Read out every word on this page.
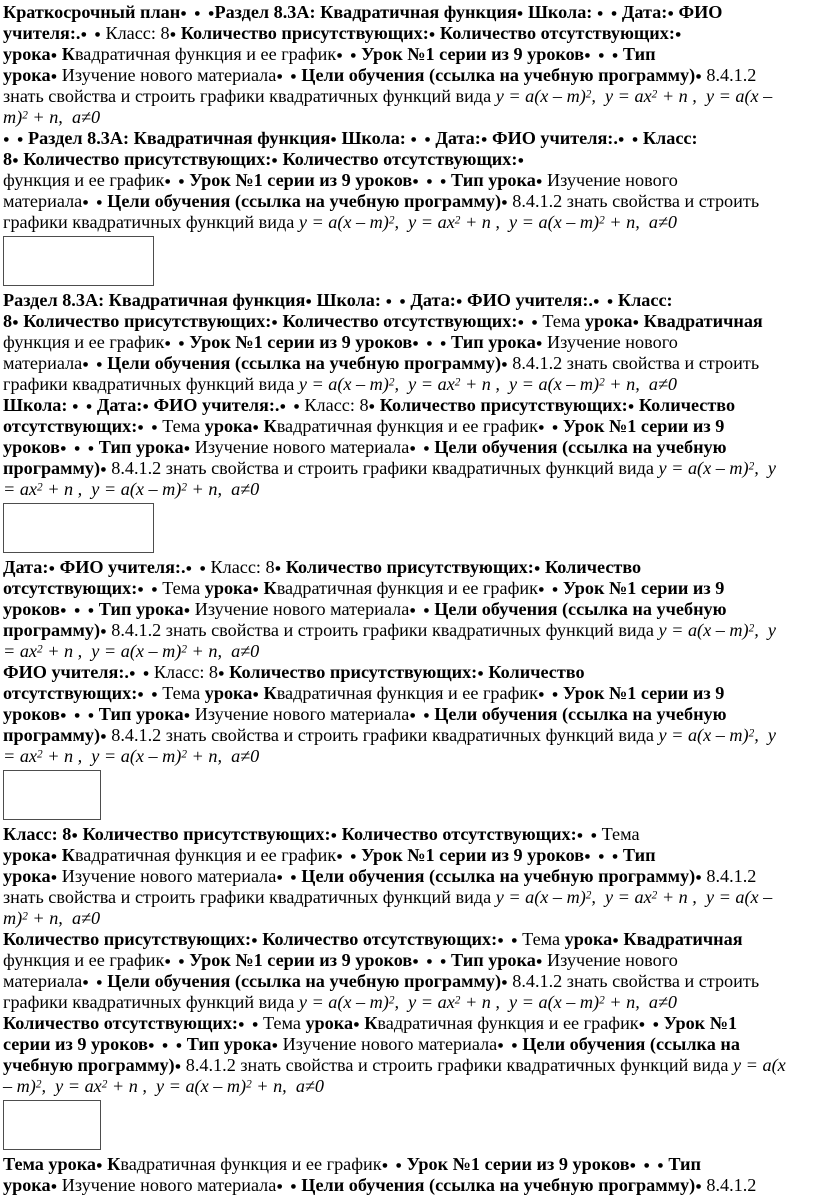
Краткосрочный план● ● ●Раздел 8.3А: Квадратичная функция● Школа: ● ● Дата:● ФИО
учителя:.● ● Класс: 8● Количество присутствующих:● Количество отсутствующих:●
урока● Квадратичная функция и ее график● ● Урок №1 серии из 9 уроков● ● ● Тип
урока● Изучение нового материала● ● Цели обучения (ссылка на учебную программу)● 8.4.1.2
знать свойства и строить графики квадратичных функций вида y = a(x – m)$^2$,  $y = ax^2 + n$ ,  y = a(x –
m)$^2$ + n,  a≠0
● ● Раздел 8.3А: Квадратичная функция● Школа: ● ● Дата:● ФИО учителя:.● ● Класс:
8● Количество присутствующих:● Количество отсутствующих:●
функция и ее график● ● Урок №1 серии из 9 уроков● ● ● Тип урока● Изучение нового
материала● ● Цели обучения (ссылка на учебную программу)● 8.4.1.2 знать свойства и строить
графики квадратичных функций вида y = a(x – m)$^2$,  $y = ax^2 + n$ ,  y = a(x – m)$^2$ + n,  a≠0
Раздел 8.3А: Квадратичная функция● Школа: ● ● Дата:● ФИО учителя:.● ● Класс:
8● Количество присутствующих:● Количество отсутствующих:● ● Тема урока● Квадратичная
функция и ее график● ● Урок №1 серии из 9 уроков● ● ● Тип урока● Изучение нового
материала● ● Цели обучения (ссылка на учебную программу)● 8.4.1.2 знать свойства и строить
графики квадратичных функций вида y = a(x – m)$^2$,  $y = ax^2 + n$ ,  y = a(x – m)$^2$ + n,  a≠0
Школа: ● ● Дата:● ФИО учителя:.● ● Класс: 8● Количество присутствующих:● Количество
отсутствующих:● ● Тема урока● Квадратичная функция и ее график● ● Урок №1 серии из 9
уроков● ● ● Тип урока● Изучение нового материала● ● Цели обучения (ссылка на учебную
программу)● 8.4.1.2 знать свойства и строить графики квадратичных функций вида y = a(x – m)$^2$,  y
= $ax^2 + n$ ,  y = a(x – m)$^2$ + n,  a≠0
Дата:● ФИО учителя:.● ● Класс: 8● Количество присутствующих:● Количество
отсутствующих:● ● Тема урока● Квадратичная функция и ее график● ● Урок №1 серии из 9
уроков● ● ● Тип урока● Изучение нового материала● ● Цели обучения (ссылка на учебную
программу)● 8.4.1.2 знать свойства и строить графики квадратичных функций вида y = a(x – m)$^2$,  y
= $ax^2 + n$ ,  y = a(x – m)$^2$ + n,  a≠0
ФИО учителя:.● ● Класс: 8● Количество присутствующих:● Количество
отсутствующих:● ● Тема урока● Квадратичная функция и ее график● ● Урок №1 серии из 9
уроков● ● ● Тип урока● Изучение нового материала● ● Цели обучения (ссылка на учебную
программу)● 8.4.1.2 знать свойства и строить графики квадратичных функций вида y = a(x – m)$^2$,  y
= $ax^2 + n$ ,  y = a(x – m)$^2$ + n,  a≠0
Класс: 8● Количество присутствующих:● Количество отсутствующих:● ● Тема
урока● Квадратичная функция и ее график● ● Урок №1 серии из 9 уроков● ● ● Тип
урока● Изучение нового материала● ● Цели обучения (ссылка на учебную программу)● 8.4.1.2
знать свойства и строить графики квадратичных функций вида y = a(x – m)$^2$,  $y = ax^2 + n$ ,  y = a(x –
m)$^2$ + n,  a≠0
Количество присутствующих:● Количество отсутствующих:● ● Тема урока● Квадратичная
функция и ее график● ● Урок №1 серии из 9 уроков● ● ● Тип урока● Изучение нового
материала● ● Цели обучения (ссылка на учебную программу)● 8.4.1.2 знать свойства и строить
графики квадратичных функций вида y = a(x – m)$^2$,  $y = ax^2 + n$ ,  y = a(x – m)$^2$ + n,  a≠0
Количество отсутствующих:● ● Тема урока● Квадратичная функция и ее график● ● Урок №1
серии из 9 уроков● ● ● Тип урока● Изучение нового материала● ● Цели обучения (ссылка на
учебную программу)● 8.4.1.2 знать свойства и строить графики квадратичных функций вида y = a(x
– m)$^2$,  $y = ax^2 + n$ ,  y = a(x – m)$^2$ + n,  a≠0
Тема урока● Квадратичная функция и ее график● ● Урок №1 серии из 9 уроков● ● ● Тип
урока● Изучение нового материала● ● Цели обучения (ссылка на учебную программу)● 8.4.1.2
